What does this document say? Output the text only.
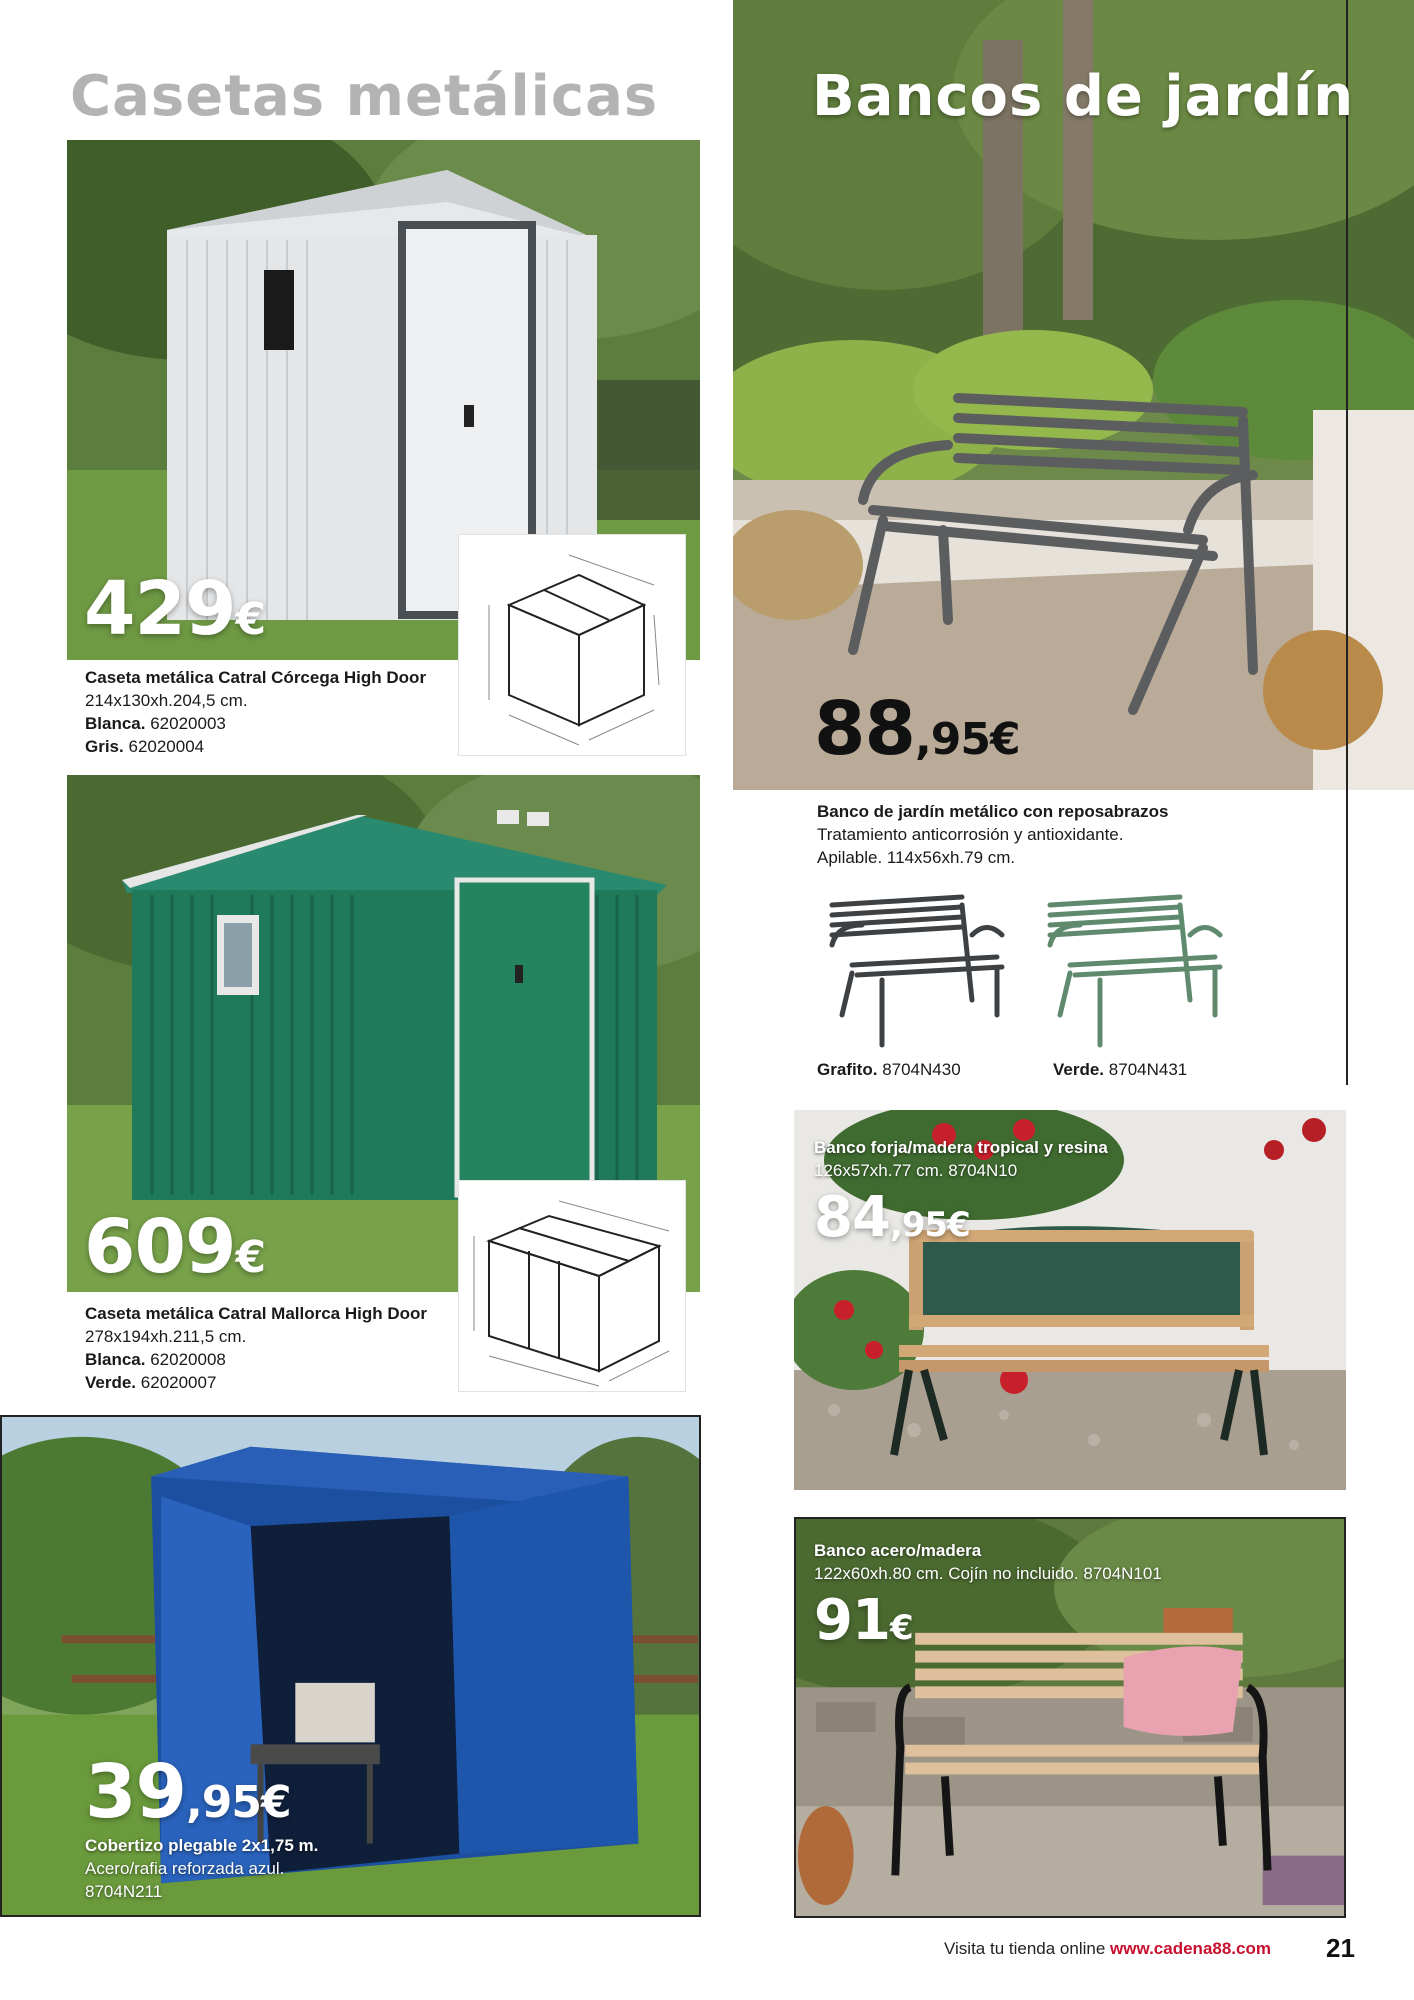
Casetas metálicas	Bancos de jardín
429€
Caseta metálica Catral Córcega High Door
214x130xh.204,5 cm.
Blanca. 62020003
Gris. 62020004
609€
Caseta metálica Catral Mallorca High Door
278x194xh.211,5 cm.
Blanca. 62020008
Verde. 62020007
39,95€
Cobertizo plegable 2x1,75 m.
Acero/rafia reforzada azul.
8704N211
88,95€
Banco de jardín metálico con reposabrazos
Tratamiento anticorrosión y antioxidante.
Apilable. 114x56xh.79 cm.
Grafito. 8704N430	Verde. 8704N431
Banco forja/madera tropical y resina
126x57xh.77 cm. 8704N10
84,95€
Banco acero/madera
122x60xh.80 cm. Cojín no incluido. 8704N101
91€
Visita tu tienda online www.cadena88.com 21
